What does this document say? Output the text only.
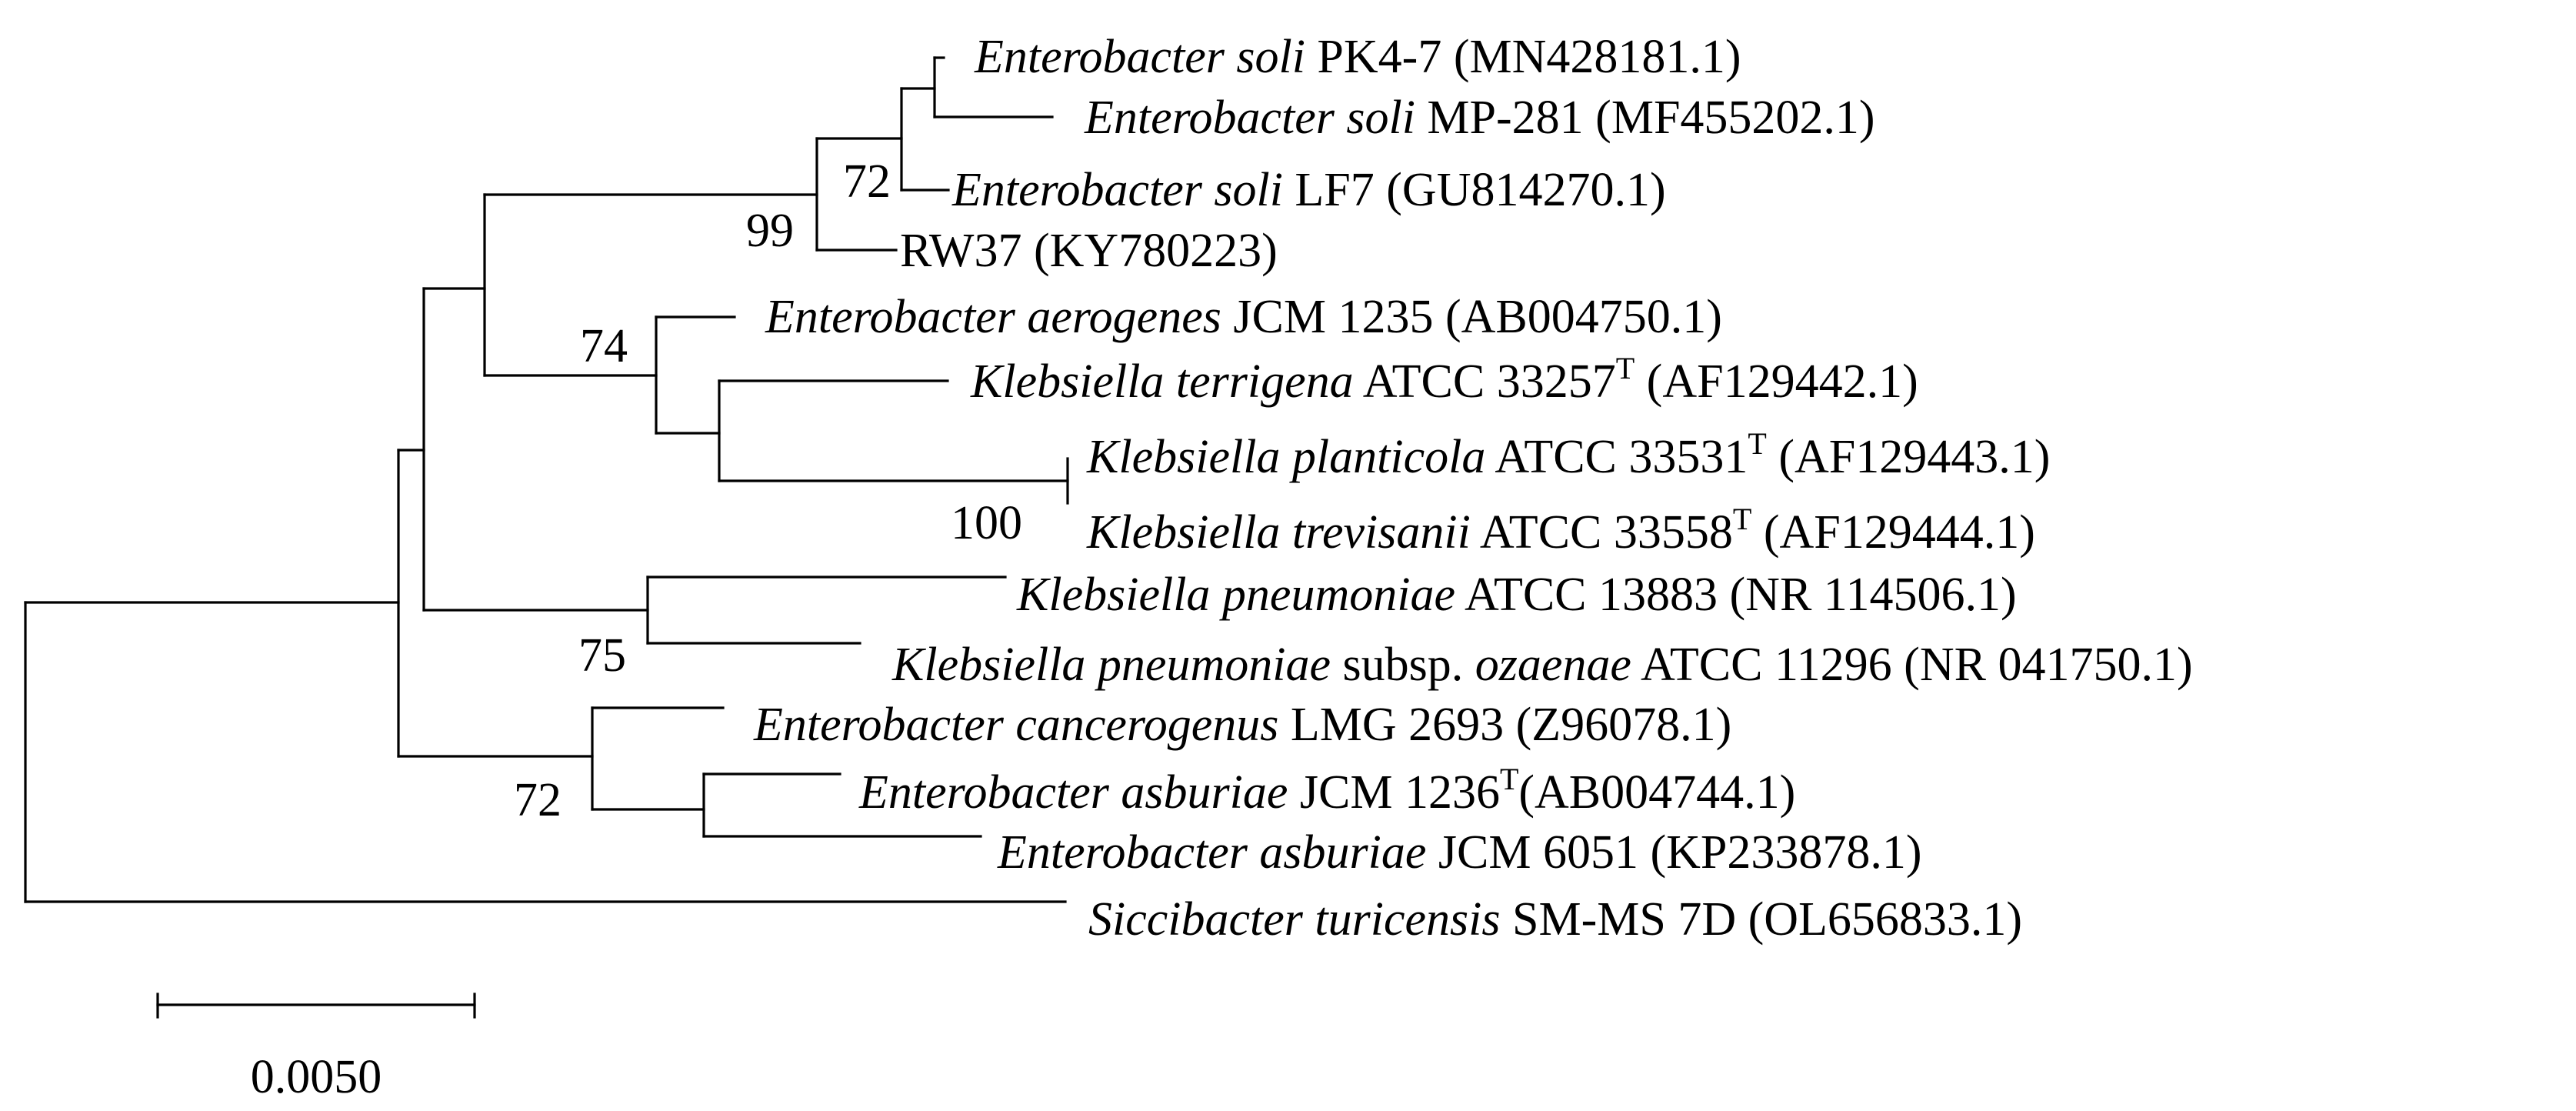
Enterobacter soli PK4-7 (MN428181.1)
Enterobacter soli MP-281 (MF455202.1)
Enterobacter soli LF7 (GU814270.1)
RW37 (KY780223)
Enterobacter aerogenes JCM 1235 (AB004750.1)
Klebsiella terrigena ATCC $33257^T$ (AF129442.1)
Klebsiella planticola ATCC $33531^T$ (AF129443.1)
Klebsiella trevisanii ATCC $33558^T$ (AF129444.1)
Klebsiella pneumoniae ATCC 13883 (NR 114506.1)
Klebsiella pneumoniae subsp. ozaenae ATCC 11296 (NR 041750.1)
Enterobacter cancerogenus LMG 2693 (Z96078.1)
Enterobacter asburiae JCM $1236^T(AB004744.1)$
Enterobacter asburiae JCM 6051 (KP233878.1)
Siccibacter turicensis SM-MS 7D (OL656833.1)
72
99
74
100
75
72
0.0050
